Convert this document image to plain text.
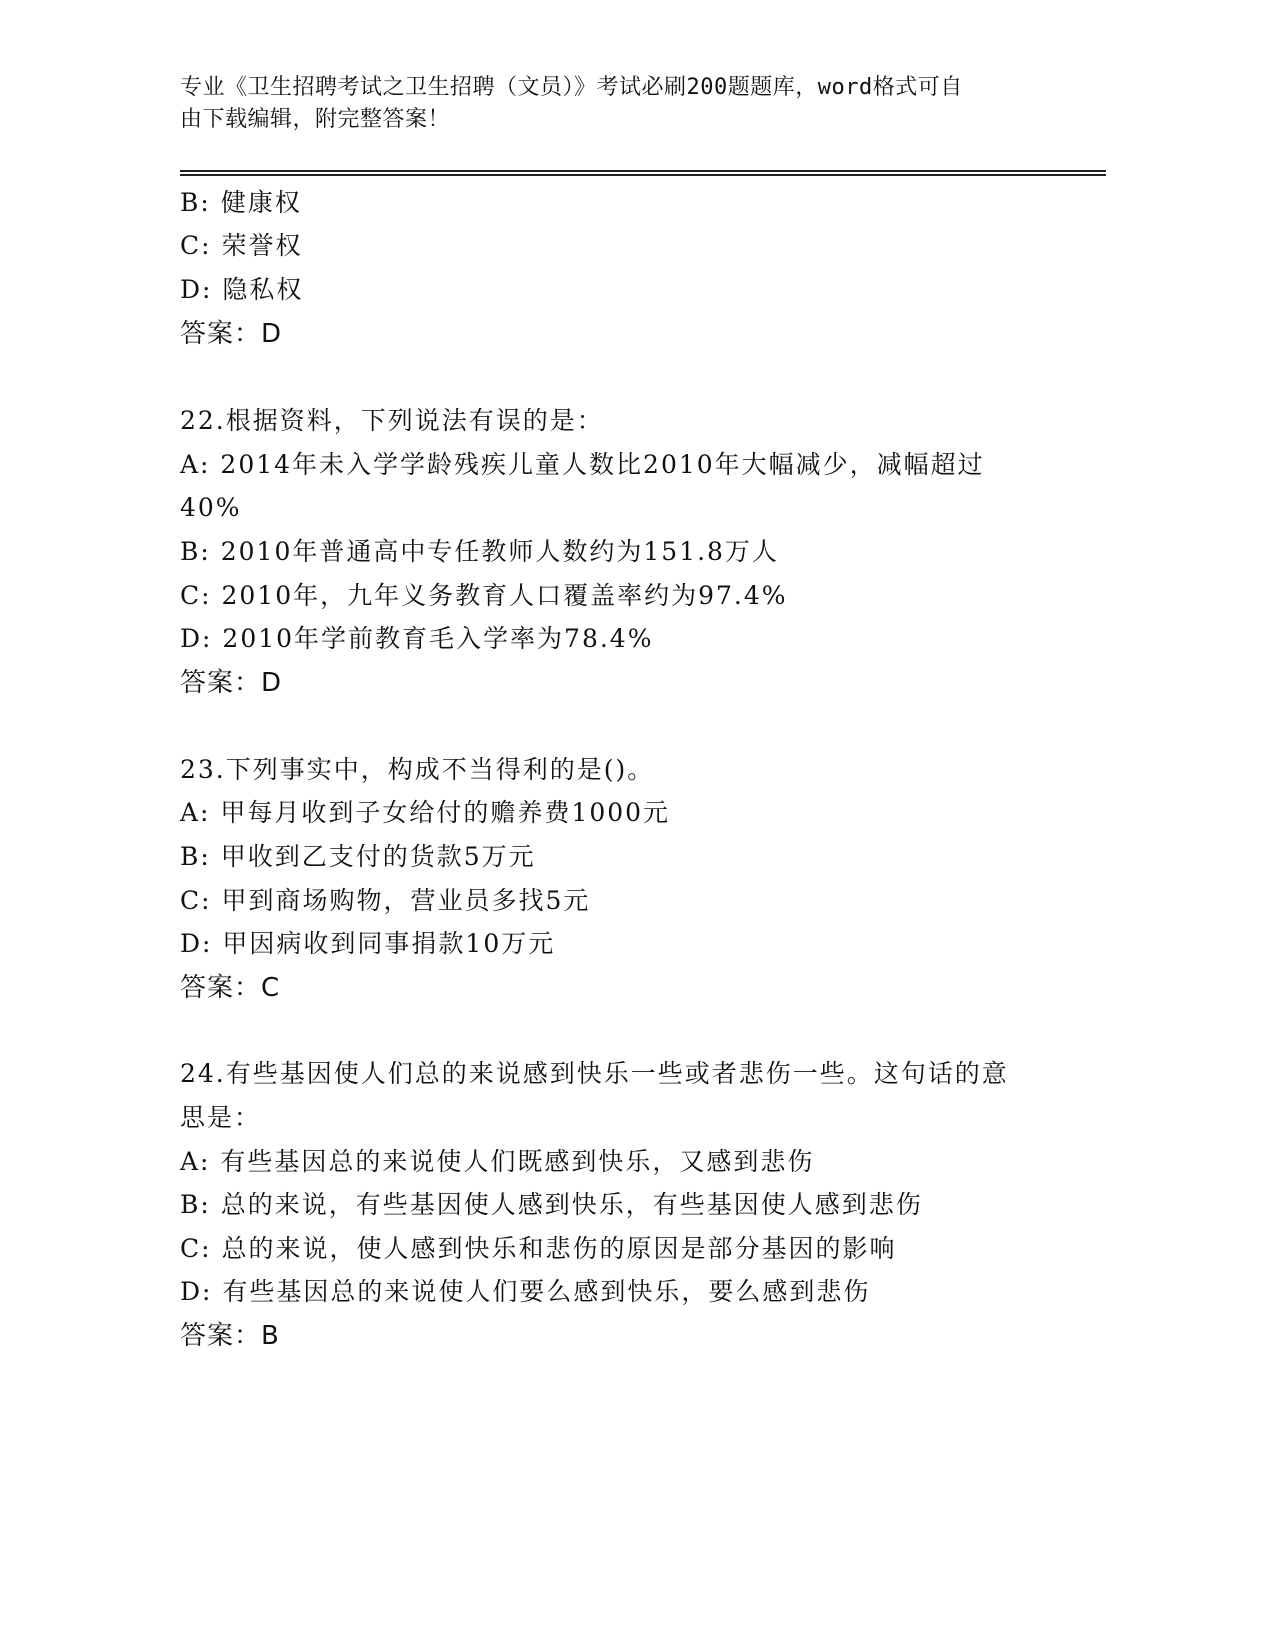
专业《卫生招聘考试之卫生招聘（文员）》考试必刷200题题库，word格式可自
由下载编辑，附完整答案！
B: 健康权
C: 荣誉权
D: 隐私权
答案：D
22.根据资料，下列说法有误的是：
A: 2014年未入学学龄残疾儿童人数比2010年大幅减少，减幅超过
40%
B: 2010年普通高中专任教师人数约为151.8万人
C: 2010年，九年义务教育人口覆盖率约为97.4%
D: 2010年学前教育毛入学率为78.4%
答案：D
23.下列事实中，构成不当得利的是()。
A: 甲每月收到子女给付的赡养费1000元
B: 甲收到乙支付的货款5万元
C: 甲到商场购物，营业员多找5元
D: 甲因病收到同事捐款10万元
答案：C
24.有些基因使人们总的来说感到快乐一些或者悲伤一些。这句话的意
思是：
A: 有些基因总的来说使人们既感到快乐，又感到悲伤
B: 总的来说，有些基因使人感到快乐，有些基因使人感到悲伤
C: 总的来说，使人感到快乐和悲伤的原因是部分基因的影响
D: 有些基因总的来说使人们要么感到快乐，要么感到悲伤
答案：B
